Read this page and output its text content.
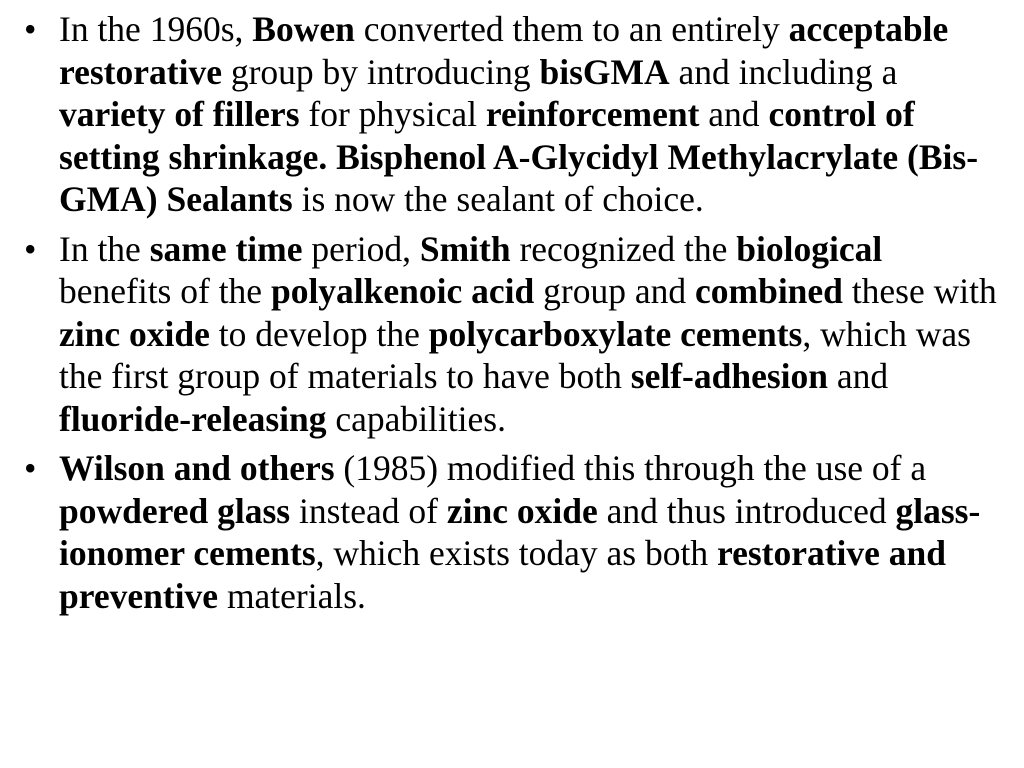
• In the 1960s, Bowen converted them to an entirely acceptable restorative group by introducing bisGMA and including a variety of fillers for physical reinforcement and control of setting shrinkage. Bisphenol A-Glycidyl Methylacrylate (Bis-GMA) Sealants is now the sealant of choice.
• In the same time period, Smith recognized the biological benefits of the polyalkenoic acid group and combined these with zinc oxide to develop the polycarboxylate cements, which was the first group of materials to have both self-adhesion and fluoride-releasing capabilities.
• Wilson and others (1985) modified this through the use of a powdered glass instead of zinc oxide and thus introduced glass-ionomer cements, which exists today as both restorative and preventive materials.
